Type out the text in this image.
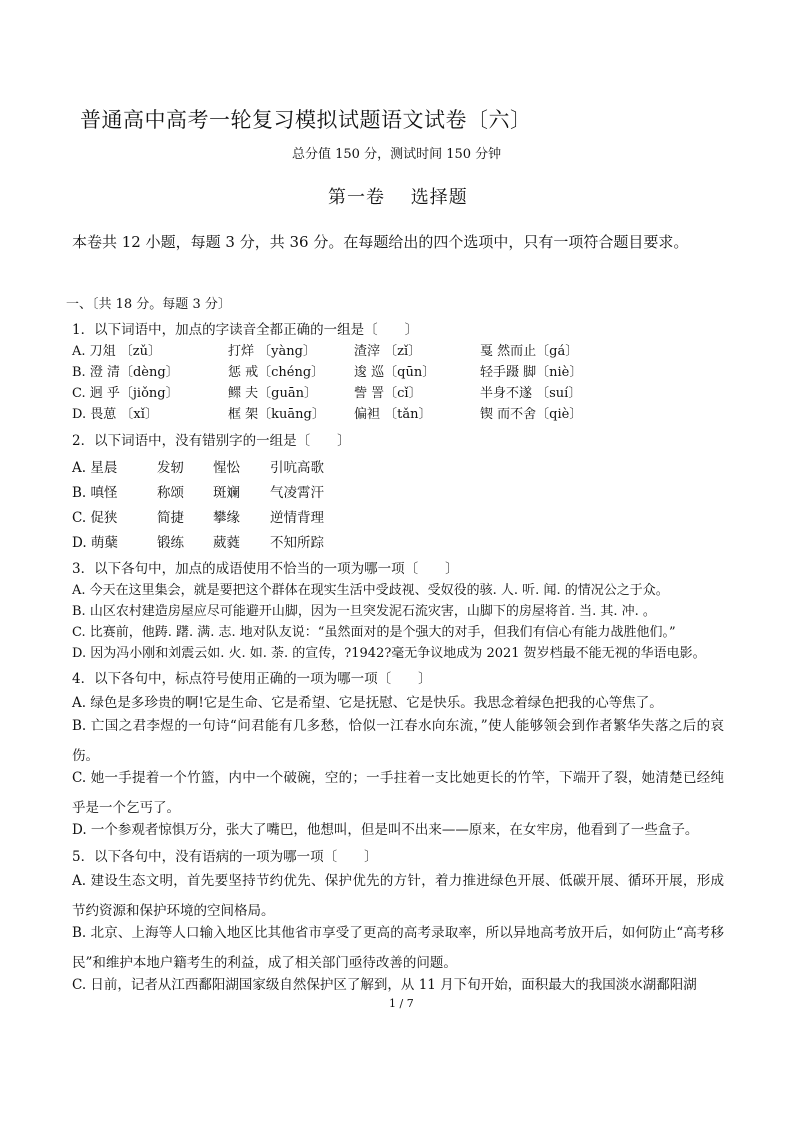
普通高中高考一轮复习模拟试题语文试卷〔六〕
总分值 150 分，测试时间 150 分钟
第一卷　 选择题
本卷共 12 小题，每题 3 分，共 36 分。在每题给出的四个选项中，只有一项符合题目要求。
一、〔共 18 分。每题 3 分〕
1．以下词语中，加点的字读音全都正确的一组是〔　　〕
A. 刀俎 〔zǔ〕	打烊 〔yàng〕	渣滓 〔zǐ〕	戛 然而止〔gá〕
B. 澄 清〔dèng〕	惩 戒〔chéng〕 逡 巡〔qūn〕	轻手蹑 脚〔niè〕
C. 迥 乎〔jiǒng〕	鳏 夫〔guān〕	訾 詈〔cǐ〕	半身不遂 〔suí〕
D. 畏葸 〔xǐ〕	框 架〔kuāng〕 偏袒 〔tǎn〕	锲 而不舍〔qiè〕
2．以下词语中，没有错别字的一组是〔　　〕
A. 星晨	发轫 惺忪 引吭高歌
B. 嗔怪	称颂 斑斓 气凌霄汗
C. 促狭	简捷 攀缘 逆情背理
D. 萌蘖	锻练 葳蕤 不知所踪
3．以下各句中，加点的成语使用不恰当的一项为哪一项〔　　〕
A. 今天在这里集会，就是要把这个群体在现实生活中受歧视、受奴役的骇. 人. 听. 闻. 的情况公之于众。
B. 山区农村建造房屋应尽可能避开山脚，因为一旦突发泥石流灾害，山脚下的房屋将首. 当. 其. 冲. 。
C. 比赛前，他踌. 躇. 满. 志. 地对队友说：“虽然面对的是个强大的对手，但我们有信心有能力战胜他们。”
D. 因为冯小刚和刘震云如. 火. 如. 荼. 的宣传，?1942?毫无争议地成为 2021 贺岁档最不能无视的华语电影。
4．以下各句中，标点符号使用正确的一项为哪一项〔　　〕
A. 绿色是多珍贵的啊!它是生命、它是希望、它是抚慰、它是快乐。我思念着绿色把我的心等焦了。
B. 亡国之君李煜的一句诗“问君能有几多愁，恰似一江春水向东流，”使人能够领会到作者繁华失落之后的哀伤。
C. 她一手提着一个竹篮，内中一个破碗，空的；一手拄着一支比她更长的竹竿，下端开了裂，她清楚已经纯乎是一个乞丐了。
D. 一个参观者惊惧万分，张大了嘴巴，他想叫，但是叫不出来——原来，在女牢房，他看到了一些盒子。
5．以下各句中，没有语病的一项为哪一项〔　　〕
A. 建设生态文明，首先要坚持节约优先、保护优先的方针，着力推进绿色开展、低碳开展、循环开展，形成节约资源和保护环境的空间格局。
B. 北京、上海等人口输入地区比其他省市享受了更高的高考录取率，所以异地高考放开后，如何防止“高考移民”和维护本地户籍考生的利益，成了相关部门亟待改善的问题。
C. 日前，记者从江西鄱阳湖国家级自然保护区了解到，从 11 月下旬开始，面积最大的我国淡水湖鄱阳湖
1 / 7
